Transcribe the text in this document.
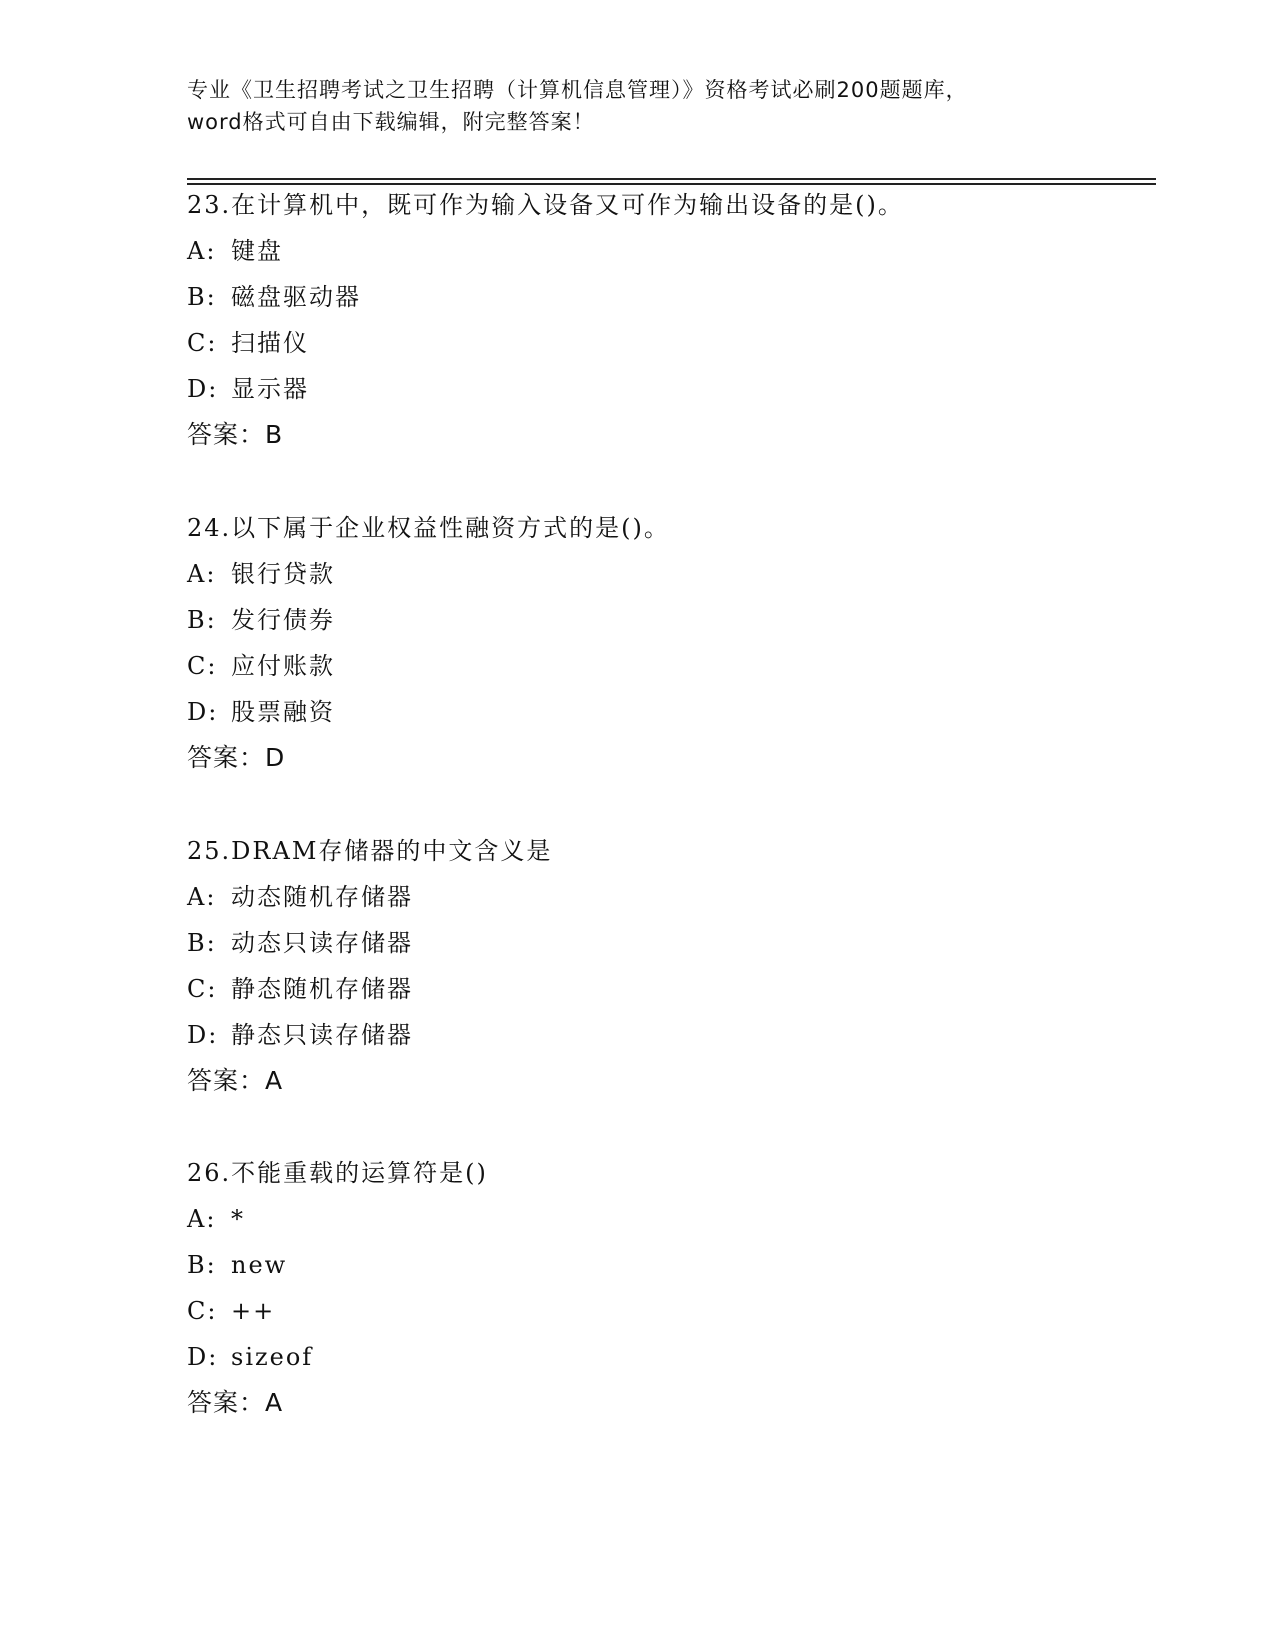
专业《卫生招聘考试之卫生招聘（计算机信息管理）》资格考试必刷200题题库，
word格式可自由下载编辑，附完整答案！
23.在计算机中，既可作为输入设备又可作为输出设备的是()。
A: 键盘
B: 磁盘驱动器
C: 扫描仪
D: 显示器
答案：B
24.以下属于企业权益性融资方式的是()。
A: 银行贷款
B: 发行债券
C: 应付账款
D: 股票融资
答案：D
25.DRAM存储器的中文含义是
A: 动态随机存储器
B: 动态只读存储器
C: 静态随机存储器
D: 静态只读存储器
答案：A
26.不能重载的运算符是()
A: *
B: new
C: ++
D: sizeof
答案：A
